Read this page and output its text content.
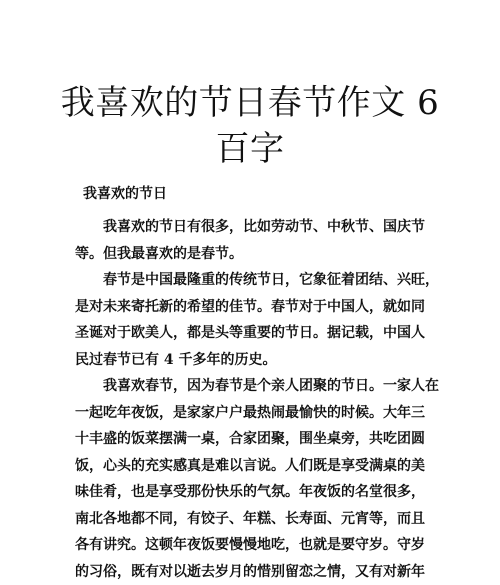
我喜欢的节日春节作文 6
百字
我喜欢的节日
我喜欢的节日有很多，比如劳动节、中秋节、国庆节
等。但我最喜欢的是春节。
春节是中国最隆重的传统节日，它象征着团结、兴旺，
是对未来寄托新的希望的佳节。春节对于中国人，就如同
圣诞对于欧美人，都是头等重要的节日。据记载，中国人
民过春节已有 4 千多年的历史。
我喜欢春节，因为春节是个亲人团聚的节日。一家人在
一起吃年夜饭，是家家户户最热闹最愉快的时候。大年三
十丰盛的饭菜摆满一桌，合家团聚，围坐桌旁，共吃团圆
饭，心头的充实感真是难以言说。人们既是享受满桌的美
味佳肴，也是享受那份快乐的气氛。年夜饭的名堂很多，
南北各地都不同，有饺子、年糕、长寿面、元宵等，而且
各有讲究。这顿年夜饭要慢慢地吃，也就是要守岁。守岁
的习俗，既有对以逝去岁月的惜别留恋之情，又有对新年
